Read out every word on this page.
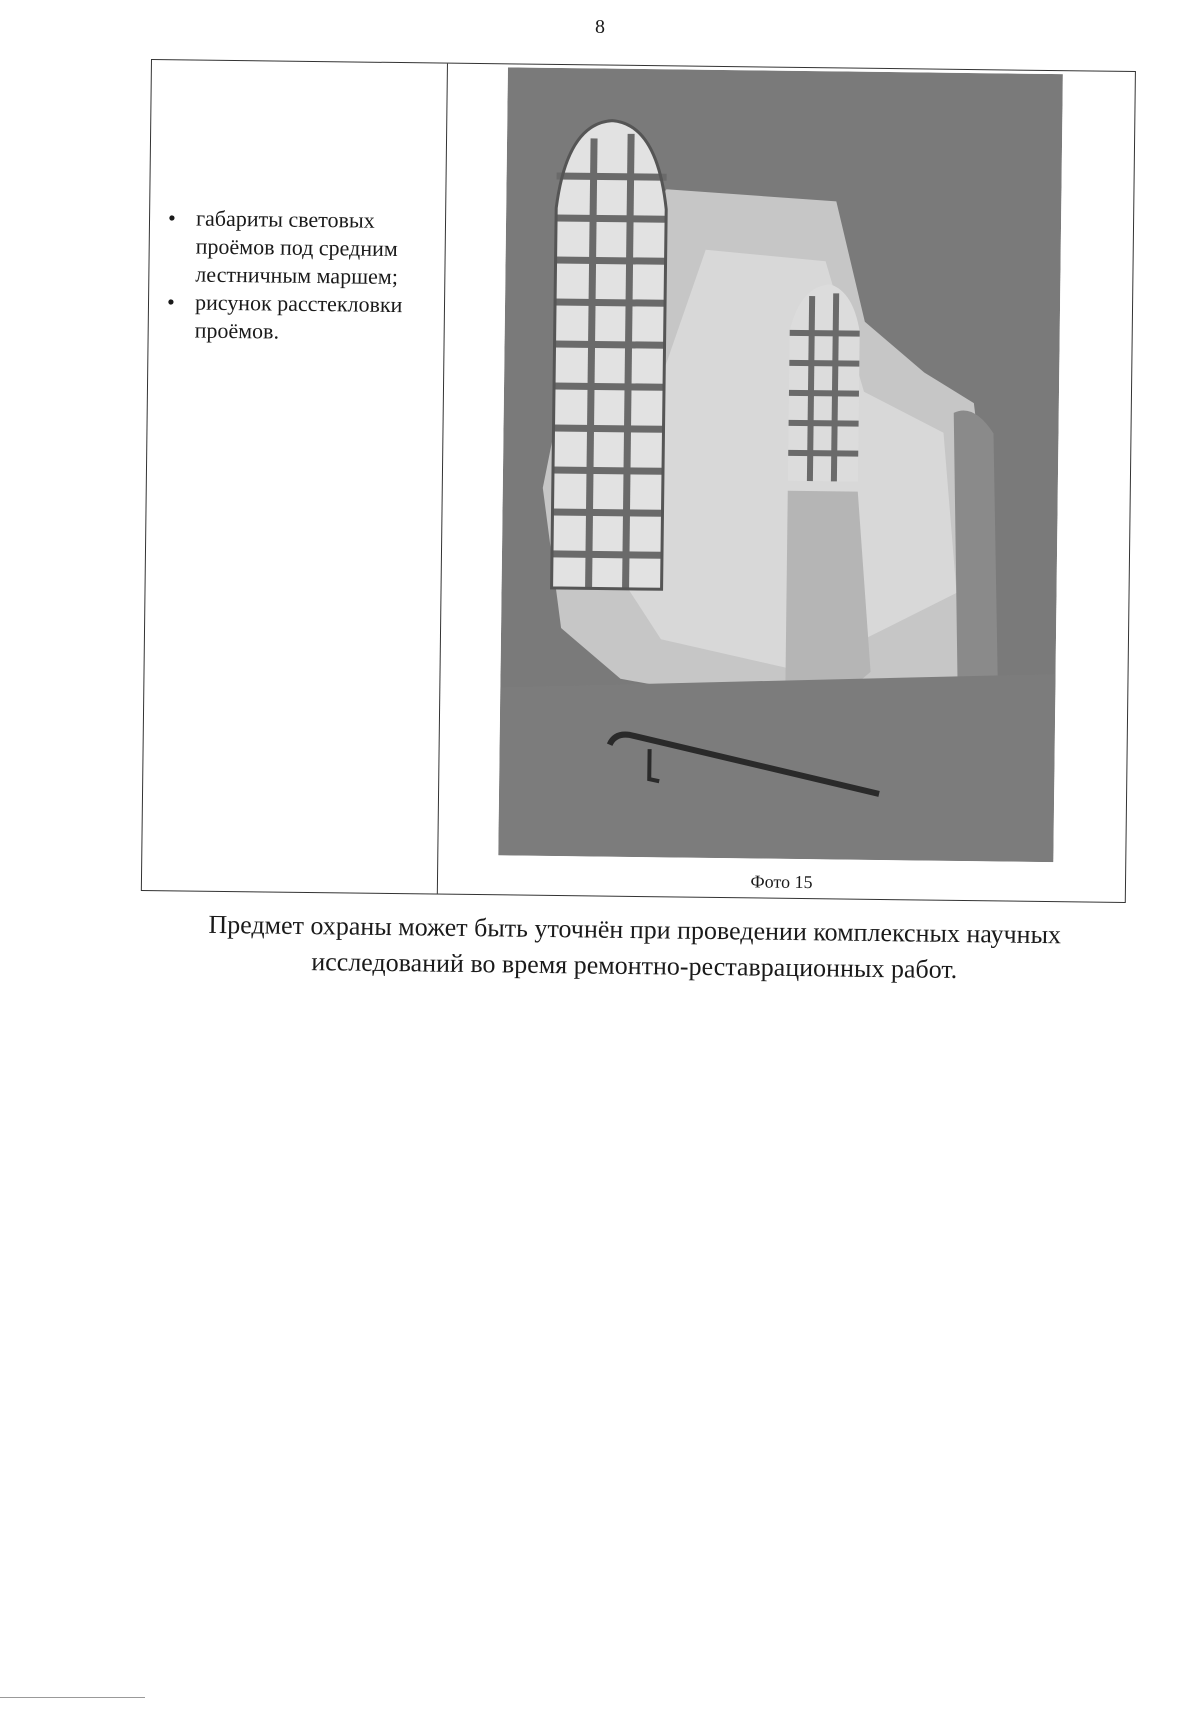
8
• габариты световых проёмов под средним лестничным маршем;
• рисунок расстекловки проёмов.
Фото 15
Предмет охраны может быть уточнён при проведении комплексных научных исследований во время ремонтно-реставрационных работ.
